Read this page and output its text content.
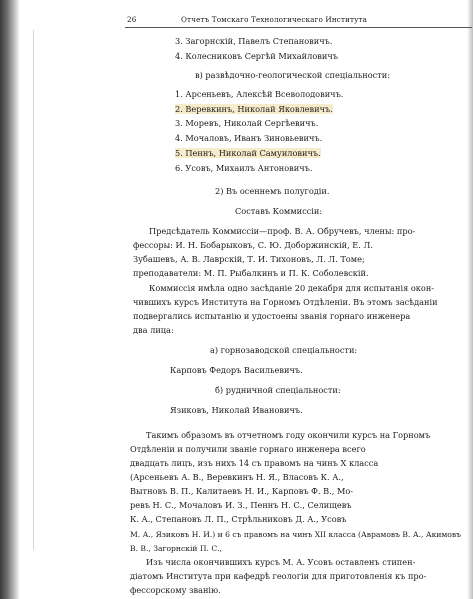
26	Отчетъ Томскаго Технологическаго Института
3. Загорнскiй, Павелъ Степановичъ.
4. Колесниковъ Сергѣй Михайловичъ
в) развѣдочно-геологической спецiальности:
1. Арсеньевъ, Алексѣй Всеволодовичъ.
2. Верeвкинъ, Николай Яковлевичъ.
3. Моревъ, Николай Сергѣевичъ.
4. Мочаловъ, Иванъ Зиновьевичъ.
5. Пеннъ, Николай Самуиловичъ.
6. Усовъ, Михаилъ Антоновичъ.
2) Въ осеннемъ полугодiи.
Составъ Коммиссiи:
Предсѣдатель Коммиссiи—проф. В. А. Обручевъ, члены: про-
фессоры: И. Н. Бобарыковъ, С. Ю. Доборжинскiй, Е. Л.
Зубашевъ, А. В. Лаврскiй, Т. И. Тихоновъ, Л. Л. Томе;
преподаватели: М. П. Рыбалкинъ и П. К. Соболевскiй.
Коммиссiя имѣла одно засѣданiе 20 декабря для испытанiя окон-
чившихъ курсъ Института на Горномъ Отдѣленiи. Въ этомъ засѣданiи
подвергались испытанiю и удостоены званiя горнаго инженера
два лица:
а) горнозаводской спецiальности:
Карповъ Федоръ Васильевичъ.
б) рудничной спецiальности:
Язиковъ, Николай Ивановичъ.
Такимъ образомъ въ отчетномъ году окончили курсъ на Горномъ
Отдѣленiи и получили званiе горнаго инженера всего
двадцать лицъ, изъ нихъ 14 съ правомъ на чинъ X класса
(Арсеньевъ А. В., Веревкинъ Н. Я., Власовъ К. А.,
Вытновъ В. П., Калитаевъ Н. И., Карповъ Ф. В., Мо-
ревъ Н. С., Мочаловъ И. З., Пеннъ Н. С., Селищевъ
К. А., Степановъ Л. П., Стрѣльниковъ Д. А., Усовъ
М. А., Язиковъ Н. И.) и 6 съ правомъ на чинъ XII класса (Аврамовъ В. А., Акимовъ В. В., Загорнскiй П. С.,
Изъ числа окончившихъ курсъ М. А. Усовъ оставленъ стипен-
дiатомъ Института при кафедрѣ геологiи для приготовленiя къ про-
фессорскому званiю.
